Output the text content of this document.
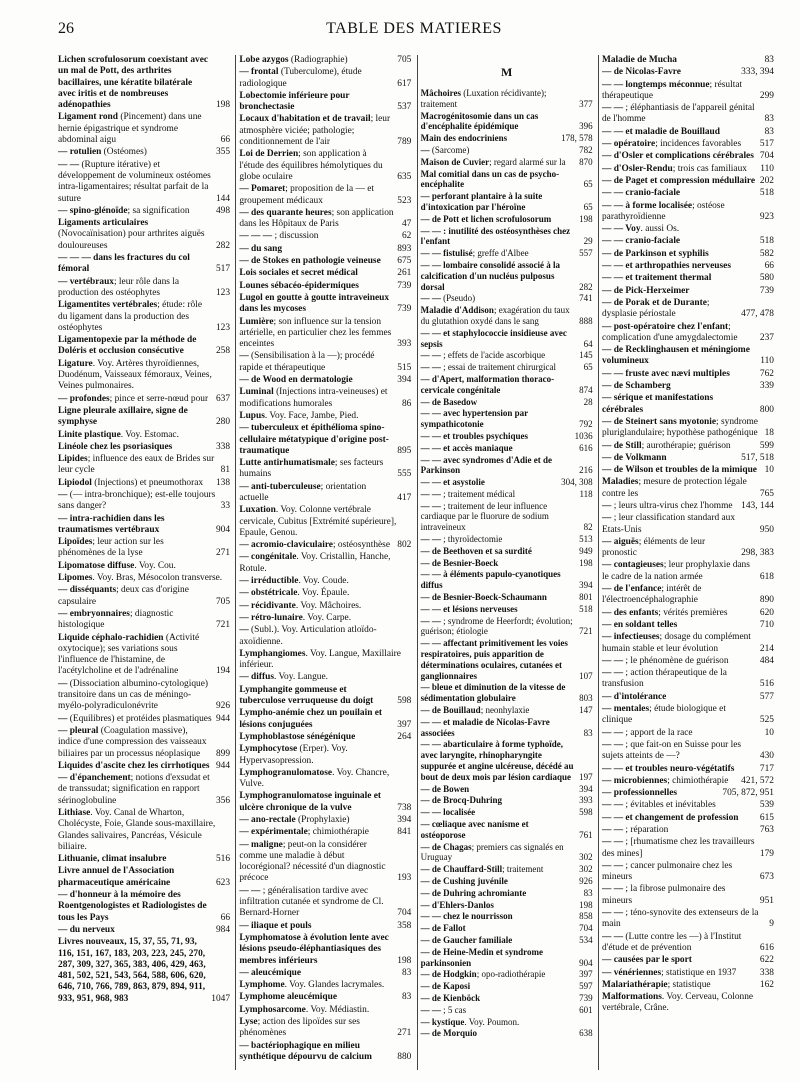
26	TABLE DES MATIERES
Lichen scrofulosorum coexistant avec un mal de Pott, des arthrites bacillaires, une kératite bilatérale avec iritis et de nombreuses adénopathies	198
Ligament rond (Pincement) dans une hernie épigastrique et syndrome abdominal aigu	66
— rotulien (Ostéomes)	355
— — (Rupture itérative) et développement de volumineux ostéomes intra-ligamentaires; résultat parfait de la suture	144
— spino-glénoïde; sa signification	498
Ligaments articulaires (Novocaïnisation) pour arthrites aiguës douloureuses	282
— — — dans les fractures du col fémoral	517
— vertébraux; leur rôle dans la production des ostéophytes	123
Ligamentites vertébrales; étude: rôle du ligament dans la production des ostéophytes	123
Ligamentopexie par la méthode de Doléris et occlusion consécutive	258
Ligature. Voy. Artères thyroïdiennes, Duodénum, Vaisseaux fémoraux, Veines, Veines pulmonaires.
— profondes; pince et serre-nœud pour 637
Ligne pleurale axillaire, signe de symphyse	280
Linite plastique. Voy. Estomac.
Linéole chez les psoriasiques	338
Lipides; influence des eaux de Brides sur leur cycle	81
Lipiodol (Injections) et pneumothorax	138
— (— intra-bronchique); est-elle toujours sans danger?	33
— intra-rachidien dans les traumatismes vertébraux	904
Lipoïdes; leur action sur les phénomènes de la lyse	271
Lipomatose diffuse. Voy. Cou.
Lipomes. Voy. Bras, Mésocolon transverse.
— disséquants; deux cas d'origine capsulaire	705
— embryonnaires; diagnostic histologique	721
Liquide céphalo-rachidien (Activité oxytocique); ses variations sous l'influence de l'histamine, de l'acétylcholine et de l'adrénaline	194
— (Dissociation albumino-cytologique) transitoire dans un cas de méningo-myélo-polyradiculonévrite	926
— (Equilibres) et protéides plasmatiques 944
— pleural (Coagulation massive), indice d'une compression des vaisseaux biliaires par un processus néoplasique	899
Liquides d'ascite chez les cirrhotiques 944
— d'épanchement; notions d'exsudat et de transsudat; signification en rapport sérinoglobuline	356
Lithiase. Voy. Canal de Wharton, Cholécyste, Foie, Glande sous-maxillaire, Glandes salivaires, Pancréas, Vésicule biliaire.
Lithuanie, climat insalubre	516
Livre annuel de l'Association pharmaceutique américaine	623
— d'honneur à la mémoire des Roentgenologistes et Radiologistes de tous les Pays	66
— du nerveux	984
Livres nouveaux, 15, 37, 55, 71, 93, 116, 151, 167, 183, 203, 223, 245, 270, 287, 309, 327, 365, 383, 406, 429, 463, 481, 502, 521, 543, 564, 588, 606, 620, 646, 710, 766, 789, 863, 879, 894, 911, 933, 951, 968, 983	1047
Lobe azygos (Radiographie)	705
— frontal (Tuberculome), étude radiologique	617
Lobectomie inférieure pour bronchectasie	537
Locaux d'habitation et de travail; leur atmosphère viciée; pathologie; conditionnement de l'air	789
Loi de Derrien; son application à l'étude des équilibres hémolytiques du globe oculaire	635
— Pomaret; proposition de la — et groupement médicaux	523
— des quarante heures; son application dans les Hôpitaux de Paris	47
— — — ; discussion	62
— du sang	893
— de Stokes en pathologie veineuse	675
Lois sociales et secret médical	261
Lounes sébacéo-épidermiques	739
Lugol en goutte à goutte intraveineux dans les mycoses	739
Lumière; son influence sur la tension artérielle, en particulier chez les femmes enceintes	393
— (Sensibilisation à la —); procédé rapide et thérapeutique	515
— de Wood en dermatologie	394
Luminal (Injections intra-veineuses) et modifications humorales	86
Lupus. Voy. Face, Jambe, Pied.
— tuberculeux et épithélioma spino-cellulaire métatypique d'origine post-traumatique	895
Lutte antirhumatismale; ses facteurs humains	555
— anti-tuberculeuse; orientation actuelle	417
Luxation. Voy. Colonne vertébrale cervicale, Cubitus [Extrémité supérieure], Epaule, Genou.
— acromio-claviculaire; ostéosynthèse 802
— congénitale. Voy. Cristallin, Hanche, Rotule.
— irréductible. Voy. Coude.
— obstétricale. Voy. Épaule.
— récidivante. Voy. Mâchoires.
— rétro-lunaire. Voy. Carpe.
— (Subl.). Voy. Articulation atloïdo-axoïdienne.
Lymphangiomes. Voy. Langue, Maxillaire inférieur.
— diffus. Voy. Langue.
Lymphangite gommeuse et tuberculose verruqueuse du doigt	598
Lympho-anémie chez un pouilain et lésions conjuguées	397
Lymphoblastose sénégénique	264
Lymphocytose (Erper). Voy. Hypervasopression.
Lymphogranulomatose. Voy. Chancre, Vulve.
Lymphogranulomatose inguinale et ulcère chronique de la vulve	738
— ano-rectale (Prophylaxie)	394
— expérimentale; chimiothérapie	841
— maligne; peut-on la considérer comme une maladie à début locorégional? nécessité d'un diagnostic précoce	193
— — ; généralisation tardive avec infiltration cutanée et syndrome de Cl. Bernard-Horner	704
— iliaque et pouls	358
Lymphomatose à évolution lente avec lésions pseudo-éléphantiasiques des membres inférieurs	198
— aleucémique	83
Lymphome. Voy. Glandes lacrymales.
Lymphome aleucémique	83
Lymphosarcome. Voy. Médiastin.
Lyse; action des lipoïdes sur ses phénomènes	271
— bactériophagique en milieu synthétique dépourvu de calcium	880
M
Mâchoires (Luxation récidivante); traitement	377
Macrogénitosomie dans un cas d'encéphalite épidémique	396
Main des endocriniens	178, 578
— (Sarcome)	782
Maison de Cuvier; regard alarmé sur la	870
Mal comitial dans un cas de psycho-encéphalite	65
— perforant plantaire à la suite d'intoxication par l'héroïne	65
— de Pott et lichen scrofulosorum	198
— — : inutilité des ostéosynthèses chez l'enfant	29
— — fistulisé; greffe d'Albee	557
— — lombaire consolidé associé à la calcification d'un nucléus pulposus dorsal	282
— — (Pseudo)	741
Maladie d'Addison; exagération du taux du glutathion oxydé dans le sang	888
— — et staphylococcie insidieuse avec sepsis	64
— — ; effets de l'acide ascorbique	145
— — ; essai de traitement chirurgical	65
— d'Apert, malformation thoraco-cervicale congénitale	874
— de Basedow	28
— — avec hypertension par sympathicotonie	792
— — et troubles psychiques	1036
— — et accès maniaque	616
— — avec syndromes d'Adie et de Parkinson	216
— — et asystolie	304, 308
— — ; traitement médical	118
— — ; traitement de leur influence cardiaque par le fluorure de sodium intraveineux	82
— — ; thyroïdectomie	513
— de Beethoven et sa surdité	949
— de Besnier-Boeck	198
— — à éléments papulo-cyanotiques diffus	394
— de Besnier-Boeck-Schaumann	801
— — et lésions nerveuses	518
— — ; syndrome de Heerfordt; évolution; guérison; étiologie	721
— — affectant primitivement les voies respiratoires, puis apparition de déterminations oculaires, cutanées et ganglionnaires	107
— bleue et diminution de la vitesse de sédimentation globulaire	803
— de Bouillaud; neonhylaxie	147
— — et maladie de Nicolas-Favre associées	83
— — abarticulaire à forme typhoïde, avec laryngite, rhinopharyngite suppurée et angine ulcéreuse, décédé au bout de deux mois par lésion cardiaque 197
— de Bowen	394
— de Brocq-Duhring	393
— — localisée	598
— cœliaque avec nanisme et ostéoporose	761
— de Chagas; premiers cas signalés en Uruguay	302
— de Chauffard-Still; traitement	302
— de Cushing juvénile	926
— de Duhring achromiante	83
— d'Ehlers-Danlos	198
— — chez le nourrisson	858
— de Fallot	704
— de Gaucher familiale	534
— de Heine-Medin et syndrome parkinsonien	904
— de Hodgkin; opo-radiothérapie	397
— de Kaposi	597
— de Kienböck	739
— — ; 5 cas	601
— kystique. Voy. Poumon.
— de Morquio	638
Maladie de Mucha	83
— de Nicolas-Favre	333, 394
— — longtemps méconnue; résultat thérapeutique	299
— — ; éléphantiasis de l'appareil génital de l'homme	83
— — et maladie de Bouillaud	83
— opératoire; incidences favorables	517
— d'Osler et complications cérébrales 704
— d'Osler-Rendu; trois cas familiaux	110
— de Paget et compression médullaire 202
— — cranio-faciale	518
— — à forme localisée; ostéose parathyroïdienne	923
— — Voy. aussi Os.
— — cranio-faciale	518
— de Parkinson et syphilis	582
— — et arthropathies nerveuses	66
— — et traitement thermal	580
— de Pick-Herxeimer	739
— de Porak et de Durante; dysplasie périostale	477, 478
— post-opératoire chez l'enfant; complication d'une amygdalectomie	237
— de Recklinghausen et méningiome volumineux	110
— — fruste avec nævi multiples	762
— de Schamberg	339
— sérique et manifestations cérébrales	800
— de Steinert sans myotonie; syndrome pluriglandulaire; hypothèse pathogénique 18
— de Still; aurothérapie; guérison	599
— de Volkmann	517, 518
— de Wilson et troubles de la mimique 10
Maladies; mesure de protection légale contre les	765
— ; leurs ultra-virus chez l'homme 143, 144
— ; leur classification standard aux Etats-Unis	950
— aiguës; éléments de leur pronostic	298, 383
— contagieuses; leur prophylaxie dans le cadre de la nation armée	618
— de l'enfance; intérêt de l'électroencéphalographie	890
— des enfants; vérités premières	620
— en soldant telles	710
— infectieuses; dosage du complément humain stable et leur évolution	214
— — ; le phénomène de guérison	484
— — ; action thérapeutique de la transfusion	516
— d'intolérance	577
— mentales; étude biologique et clinique	525
— — ; apport de la race	10
— — ; que fait-on en Suisse pour les sujets atteints de —?	430
— — et troubles neuro-végétatifs	717
— microbiennes; chimiothérapie	421, 572
— professionnelles	705, 872, 951
— — ; évitables et inévitables	539
— — et changement de profession	615
— — ; réparation	763
— — ; [rhumatisme chez les travailleurs des mines]	179
— — ; cancer pulmonaire chez les mineurs	673
— — ; la fibrose pulmonaire des mineurs	951
— — ; téno-synovite des extenseurs de la main	9
— — (Lutte contre les —) à l'Institut d'étude et de prévention	616
— causées par le sport	622
— vénériennes; statistique en 1937	338
Malariathérapie; statistique	162
Malformations. Voy. Cerveau, Colonne vertébrale, Crâne.
